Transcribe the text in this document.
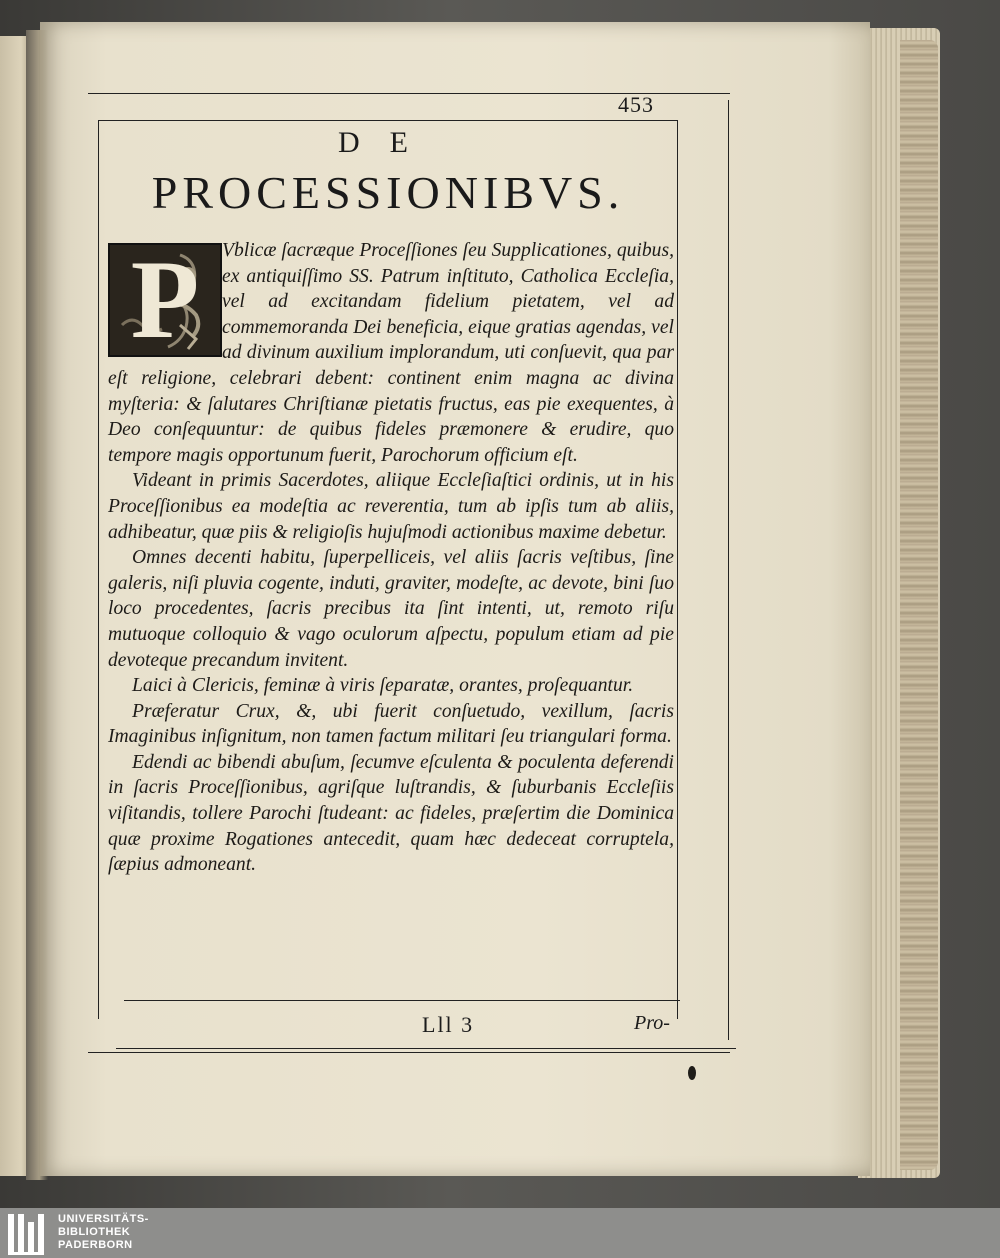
453
DE
PROCESSIONIBVS.
P	Vblicæ ſacræque Proceſſiones ſeu Supplicationes, quibus, ex antiquiſſimo SS. Patrum inſtituto, Catholica Eccleſia, vel ad excitandam fidelium pietatem, vel ad commemoranda Dei beneficia, eique gratias agendas, vel ad divinum auxilium implorandum, uti conſuevit, qua par eſt religione, celebrari debent: continent enim magna ac divina myſteria: & ſalutares Chriſtianæ pietatis fructus, eas pie exequentes, à Deo conſequuntur: de quibus fideles præmonere & erudire, quo tempore magis opportunum fuerit, Parochorum officium eſt.

Videant in primis Sacerdotes, aliique Eccleſiaſtici ordinis, ut in his Proceſſionibus ea modeſtia ac reverentia, tum ab ipſis tum ab aliis, adhibeatur, quæ piis & religioſis hujuſmodi actionibus maxime debetur.

Omnes decenti habitu, ſuperpelliceis, vel aliis ſacris veſtibus, ſine galeris, niſi pluvia cogente, induti, graviter, modeſte, ac devote, bini ſuo loco procedentes, ſacris precibus ita ſint intenti, ut, remoto riſu mutuoque colloquio & vago oculorum aſpectu, populum etiam ad pie devoteque precandum invitent.

Laici à Clericis, feminæ à viris ſeparatæ, orantes, proſequantur.

Præferatur Crux, &, ubi fuerit conſuetudo, vexillum, ſacris Imaginibus inſignitum, non tamen factum militari ſeu triangulari forma.

Edendi ac bibendi abuſum, ſecumve eſculenta & poculenta deferendi in ſacris Proceſſionibus, agriſque luſtrandis, & ſuburbanis Eccleſiis viſitandis, tollere Parochi ſtudeant: ac fideles, præſertim die Dominica quæ proxime Rogationes antecedit, quam hæc dedeceat corruptela, ſæpius admoneant.

Lll 3	Pro-
UNIVERSITÄTS-
BIBLIOTHEK
PADERBORN
